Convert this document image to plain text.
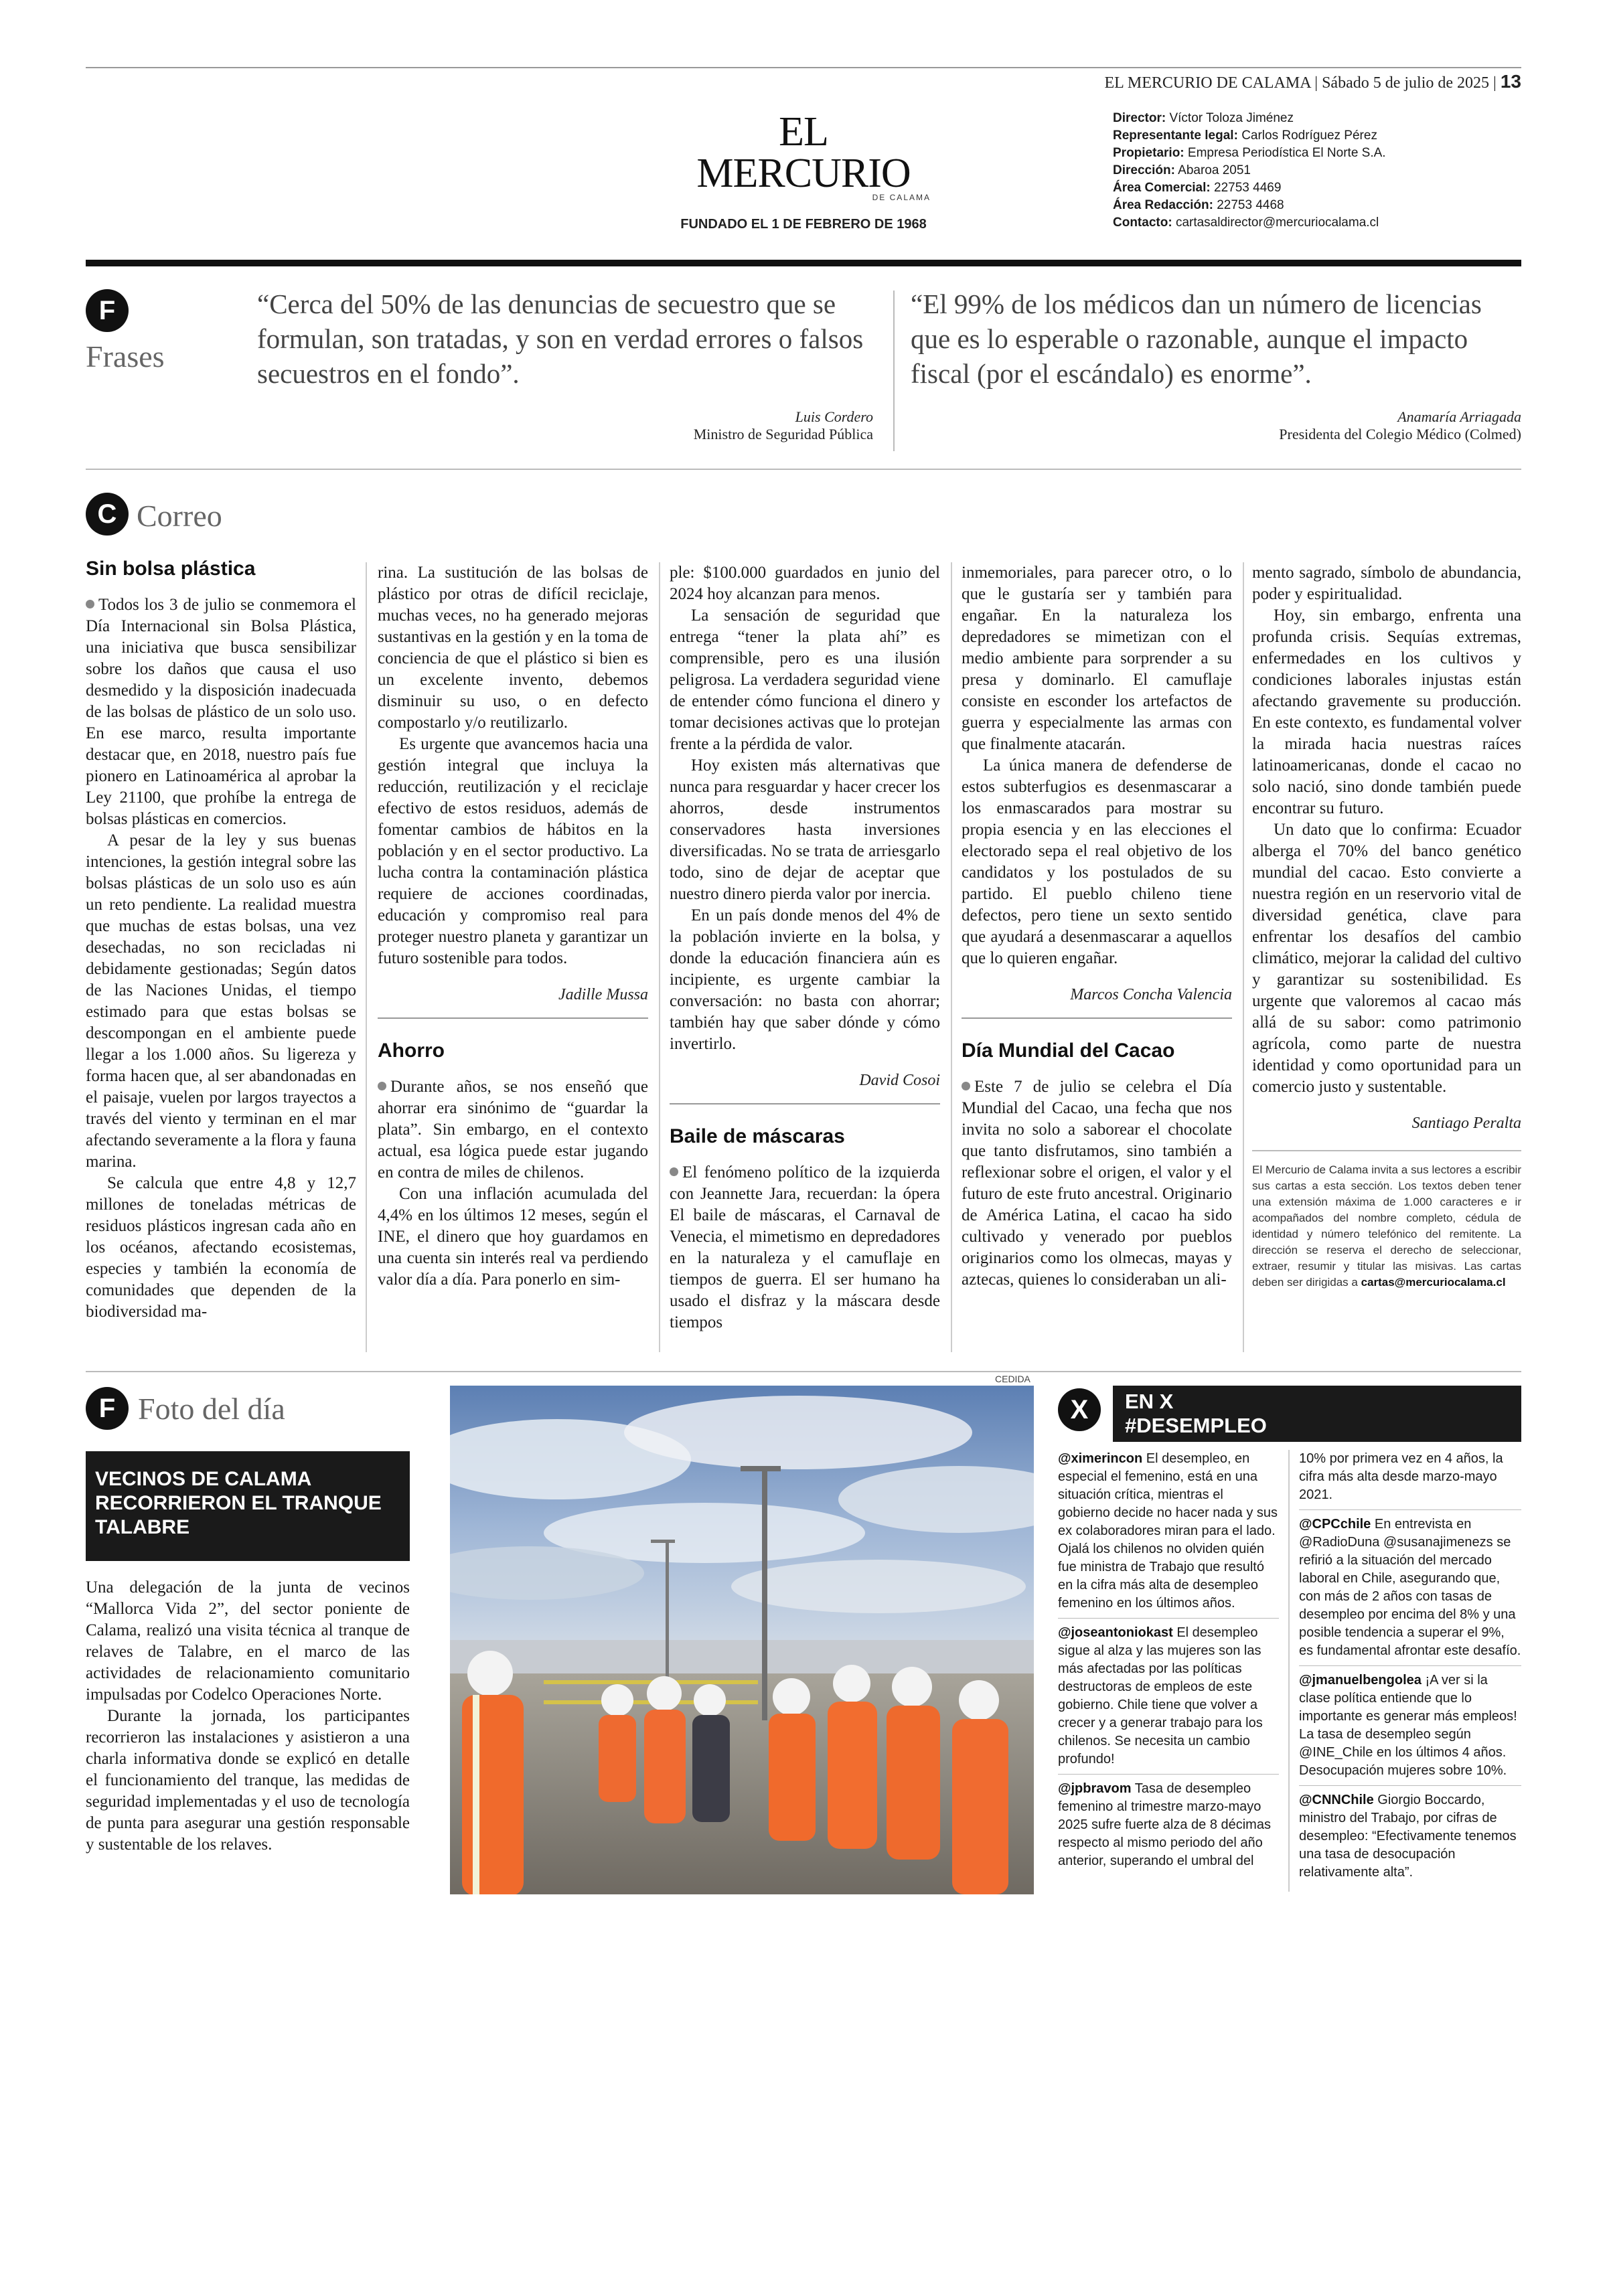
EL MERCURIO DE CALAMA | Sábado 5 de julio de 2025 | 13
EL MERCURIO
DE CALAMA
FUNDADO EL 1 DE FEBRERO DE 1968
Director: Víctor Toloza Jiménez
Representante legal: Carlos Rodríguez Pérez
Propietario: Empresa Periodística El Norte S.A.
Dirección: Abaroa 2051
Área Comercial: 22753 4469
Área Redacción: 22753 4468
Contacto: cartasaldirector@mercuriocalama.cl
F
Frases
“Cerca del 50% de las denuncias de secuestro que se formulan, son tratadas, y son en verdad errores o falsos secuestros en el fondo”.
Luis Cordero
Ministro de Seguridad Pública
“El 99% de los médicos dan un número de licencias que es lo esperable o razonable, aunque el impacto fiscal (por el escándalo) es enorme”.
Anamaría Arriagada
Presidenta del Colegio Médico (Colmed)
C Correo
Sin bolsa plástica

Todos los 3 de julio se conmemora el Día Internacional sin Bolsa Plástica, una iniciativa que busca sensibilizar sobre los daños que causa el uso desmedido y la disposición inadecuada de las bolsas de plástico de un solo uso. En ese marco, resulta importante destacar que, en 2018, nuestro país fue pionero en Latinoamérica al aprobar la Ley 21100, que prohíbe la entrega de bolsas plásticas en comercios.

A pesar de la ley y sus buenas intenciones, la gestión integral sobre las bolsas plásticas de un solo uso es aún un reto pendiente. La realidad muestra que muchas de estas bolsas, una vez desechadas, no son recicladas ni debidamente gestionadas; Según datos de las Naciones Unidas, el tiempo estimado para que estas bolsas se descompongan en el ambiente puede llegar a los 1.000 años. Su ligereza y forma hacen que, al ser abandonadas en el paisaje, vuelen por largos trayectos a través del viento y terminan en el mar afectando severamente a la flora y fauna marina.

Se calcula que entre 4,8 y 12,7 millones de toneladas métricas de residuos plásticos ingresan cada año en los océanos, afectando ecosistemas, especies y también la economía de comunidades que dependen de la biodiversidad ma-

rina. La sustitución de las bolsas de plástico por otras de difícil reciclaje, muchas veces, no ha generado mejoras sustantivas en la gestión y en la toma de conciencia de que el plástico si bien es un excelente invento, debemos disminuir su uso, o en defecto compostarlo y/o reutilizarlo.

Es urgente que avancemos hacia una gestión integral que incluya la reducción, reutilización y el reciclaje efectivo de estos residuos, además de fomentar cambios de hábitos en la población y en el sector productivo. La lucha contra la contaminación plástica requiere de acciones coordinadas, educación y compromiso real para proteger nuestro planeta y garantizar un futuro sostenible para todos.

Jadille Mussa
Ahorro

Durante años, se nos enseñó que ahorrar era sinónimo de “guardar la plata”. Sin embargo, en el contexto actual, esa lógica puede estar jugando en contra de miles de chilenos.

Con una inflación acumulada del 4,4% en los últimos 12 meses, según el INE, el dinero que hoy guardamos en una cuenta sin interés real va perdiendo valor día a día. Para ponerlo en sim-

ple: $100.000 guardados en junio del 2024 hoy alcanzan para menos.

La sensación de seguridad que entrega “tener la plata ahí” es comprensible, pero es una ilusión peligrosa. La verdadera seguridad viene de entender cómo funciona el dinero y tomar decisiones activas que lo protejan frente a la pérdida de valor.

Hoy existen más alternativas que nunca para resguardar y hacer crecer los ahorros, desde instrumentos conservadores hasta inversiones diversificadas. No se trata de arriesgarlo todo, sino de dejar de aceptar que nuestro dinero pierda valor por inercia.

En un país donde menos del 4% de la población invierte en la bolsa, y donde la educación financiera aún es incipiente, es urgente cambiar la conversación: no basta con ahorrar; también hay que saber dónde y cómo invertirlo.

David Cosoi
Baile de máscaras

El fenómeno político de la izquierda con Jeannette Jara, recuerdan: la ópera El baile de máscaras, el Carnaval de Venecia, el mimetismo en depredadores en la naturaleza y el camuflaje en tiempos de guerra. El ser humano ha usado el disfraz y la máscara desde tiempos

inmemoriales, para parecer otro, o lo que le gustaría ser y también para engañar. En la naturaleza los depredadores se mimetizan con el medio ambiente para sorprender a su presa y dominarlo. El camuflaje consiste en esconder los artefactos de guerra y especialmente las armas con que finalmente atacarán.

La única manera de defenderse de estos subterfugios es desenmascarar a los enmascarados para mostrar su propia esencia y en las elecciones el electorado sepa el real objetivo de los candidatos y los postulados de su partido. El pueblo chileno tiene defectos, pero tiene un sexto sentido que ayudará a desenmascarar a aquellos que lo quieren engañar.

Marcos Concha Valencia
Día Mundial del Cacao

Este 7 de julio se celebra el Día Mundial del Cacao, una fecha que nos invita no solo a saborear el chocolate que tanto disfrutamos, sino también a reflexionar sobre el origen, el valor y el futuro de este fruto ancestral. Originario de América Latina, el cacao ha sido cultivado y venerado por pueblos originarios como los olmecas, mayas y aztecas, quienes lo consideraban un ali-

mento sagrado, símbolo de abundancia, poder y espiritualidad.

Hoy, sin embargo, enfrenta una profunda crisis. Sequías extremas, enfermedades en los cultivos y condiciones laborales injustas están afectando gravemente su producción. En este contexto, es fundamental volver la mirada hacia nuestras raíces latinoamericanas, donde el cacao no solo nació, sino donde también puede encontrar su futuro.

Un dato que lo confirma: Ecuador alberga el 70% del banco genético mundial del cacao. Esto convierte a nuestra región en un reservorio vital de diversidad genética, clave para enfrentar los desafíos del cambio climático, mejorar la calidad del cultivo y garantizar su sostenibilidad. Es urgente que valoremos al cacao más allá de su sabor: como patrimonio agrícola, como parte de nuestra identidad y como oportunidad para un comercio justo y sustentable.

Santiago Peralta
El Mercurio de Calama invita a sus lectores a escribir sus cartas a esta sección. Los textos deben tener una extensión máxima de 1.000 caracteres e ir acompañados del nombre completo, cédula de identidad y número telefónico del remitente. La dirección se reserva el derecho de seleccionar, extraer, resumir y titular las misivas. Las cartas deben ser dirigidas a cartas@mercuriocalama.cl
F Foto del día
VECINOS DE CALAMA RECORRIERON EL TRANQUE TALABRE

Una delegación de la junta de vecinos “Mallorca Vida 2”, del sector poniente de Calama, realizó una visita técnica al tranque de relaves de Talabre, en el marco de las actividades de relacionamiento comunitario impulsadas por Codelco Operaciones Norte.

Durante la jornada, los participantes recorrieron las instalaciones y asistieron a una charla informativa donde se explicó en detalle el funcionamiento del tranque, las medidas de seguridad implementadas y el uso de tecnología de punta para asegurar una gestión responsable y sustentable de los relaves.

CEDIDA
X	EN X
#DESEMPLEO
@ximerincon El desempleo, en especial el femenino, está en una situación crítica, mientras el gobierno decide no hacer nada y sus ex colaboradores miran para el lado. Ojalá los chilenos no olviden quién fue ministra de Trabajo que resultó en la cifra más alta de desempleo femenino en los últimos años.
@joseantoniokast El desempleo sigue al alza y las mujeres son las más afectadas por las políticas destructoras de empleos de este gobierno. Chile tiene que volver a crecer y a generar trabajo para los chilenos. Se necesita un cambio profundo!
@jpbravom Tasa de desempleo femenino al trimestre marzo-mayo 2025 sufre fuerte alza de 8 décimas respecto al mismo periodo del año anterior, superando el umbral del
10% por primera vez en 4 años, la cifra más alta desde marzo-mayo 2021.
@CPCchile En entrevista en @RadioDuna @susanajimenezs se refirió a la situación del mercado laboral en Chile, asegurando que, con más de 2 años con tasas de desempleo por encima del 8% y una posible tendencia a superar el 9%, es fundamental afrontar este desafío.
@jmanuelbengolea ¡A ver si la clase política entiende que lo importante es generar más empleos! La tasa de desempleo según @INE_Chile en los últimos 4 años. Desocupación mujeres sobre 10%.
@CNNChile Giorgio Boccardo, ministro del Trabajo, por cifras de desempleo: “Efectivamente tenemos una tasa de desocupación relativamente alta”.
